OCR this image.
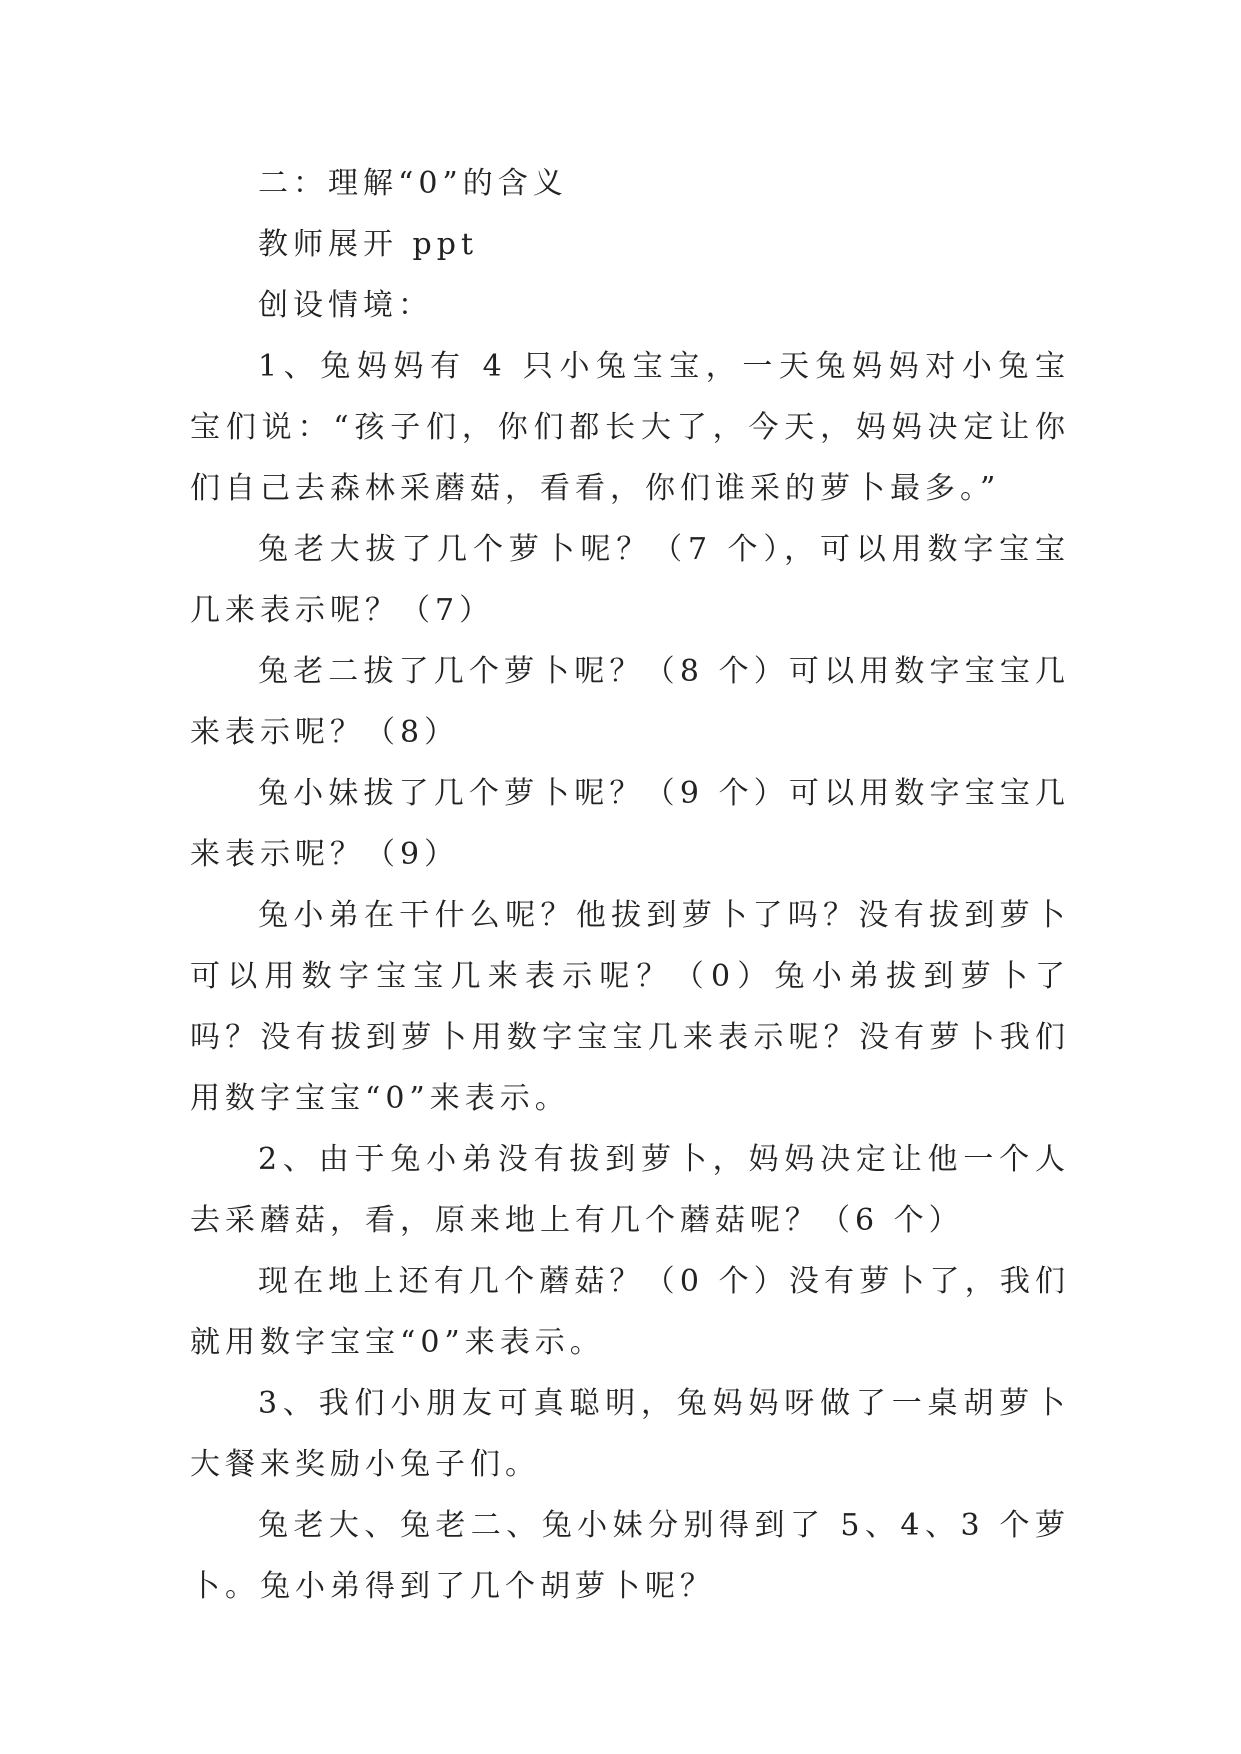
二：理解“0”的含义

教师展开 ppt

创设情境：

1、兔妈妈有 4 只小兔宝宝，一天兔妈妈对小兔宝宝们说：“孩子们，你们都长大了，今天，妈妈决定让你们自己去森林采蘑菇，看看，你们谁采的萝卜最多。”

兔老大拔了几个萝卜呢？（7 个），可以用数字宝宝几来表示呢？（7）

兔老二拔了几个萝卜呢？（8 个）可以用数字宝宝几来表示呢？（8）

兔小妹拔了几个萝卜呢？（9 个）可以用数字宝宝几来表示呢？（9）

兔小弟在干什么呢？他拔到萝卜了吗？没有拔到萝卜可以用数字宝宝几来表示呢？（0）兔小弟拔到萝卜了吗？没有拔到萝卜用数字宝宝几来表示呢？没有萝卜我们用数字宝宝“0”来表示。

2、由于兔小弟没有拔到萝卜，妈妈决定让他一个人去采蘑菇，看，原来地上有几个蘑菇呢？（6 个）

现在地上还有几个蘑菇？（0 个）没有萝卜了，我们就用数字宝宝“0”来表示。

3、我们小朋友可真聪明，兔妈妈呀做了一桌胡萝卜大餐来奖励小兔子们。

兔老大、兔老二、兔小妹分别得到了 5、4、3 个萝卜。兔小弟得到了几个胡萝卜呢？
